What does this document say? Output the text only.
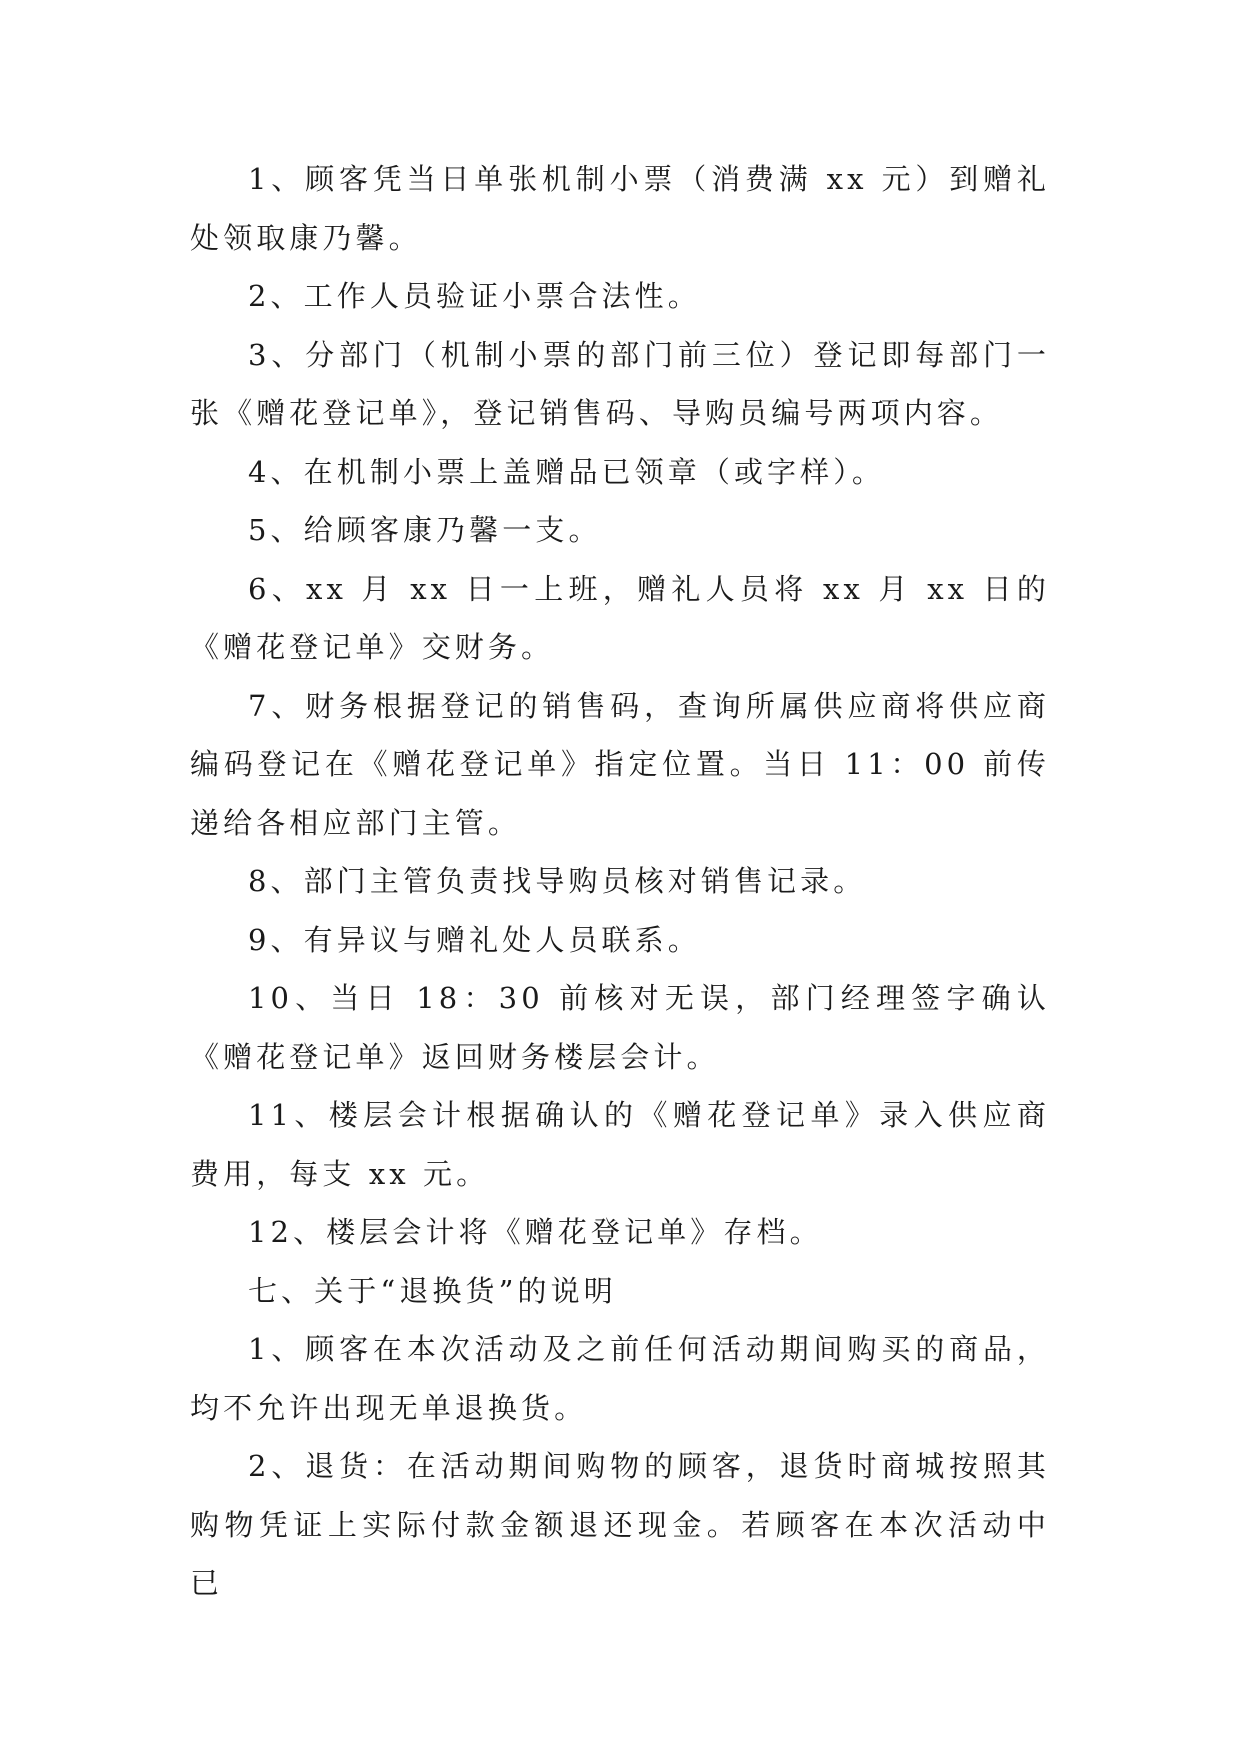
1、顾客凭当日单张机制小票（消费满 xx 元）到赠礼处领取康乃馨。

2、工作人员验证小票合法性。

3、分部门（机制小票的部门前三位）登记即每部门一张《赠花登记单》，登记销售码、导购员编号两项内容。

4、在机制小票上盖赠品已领章（或字样）。

5、给顾客康乃馨一支。

6、xx 月 xx 日一上班，赠礼人员将 xx 月 xx 日的《赠花登记单》交财务。

7、财务根据登记的销售码，查询所属供应商将供应商编码登记在《赠花登记单》指定位置。当日 11：00 前传递给各相应部门主管。

8、部门主管负责找导购员核对销售记录。

9、有异议与赠礼处人员联系。

10、当日 18：30 前核对无误，部门经理签字确认《赠花登记单》返回财务楼层会计。

11、楼层会计根据确认的《赠花登记单》录入供应商费用，每支 xx 元。

12、楼层会计将《赠花登记单》存档。

七、关于“退换货”的说明

1、顾客在本次活动及之前任何活动期间购买的商品，均不允许出现无单退换货。

2、退货：在活动期间购物的顾客，退货时商城按照其购物凭证上实际付款金额退还现金。若顾客在本次活动中已
